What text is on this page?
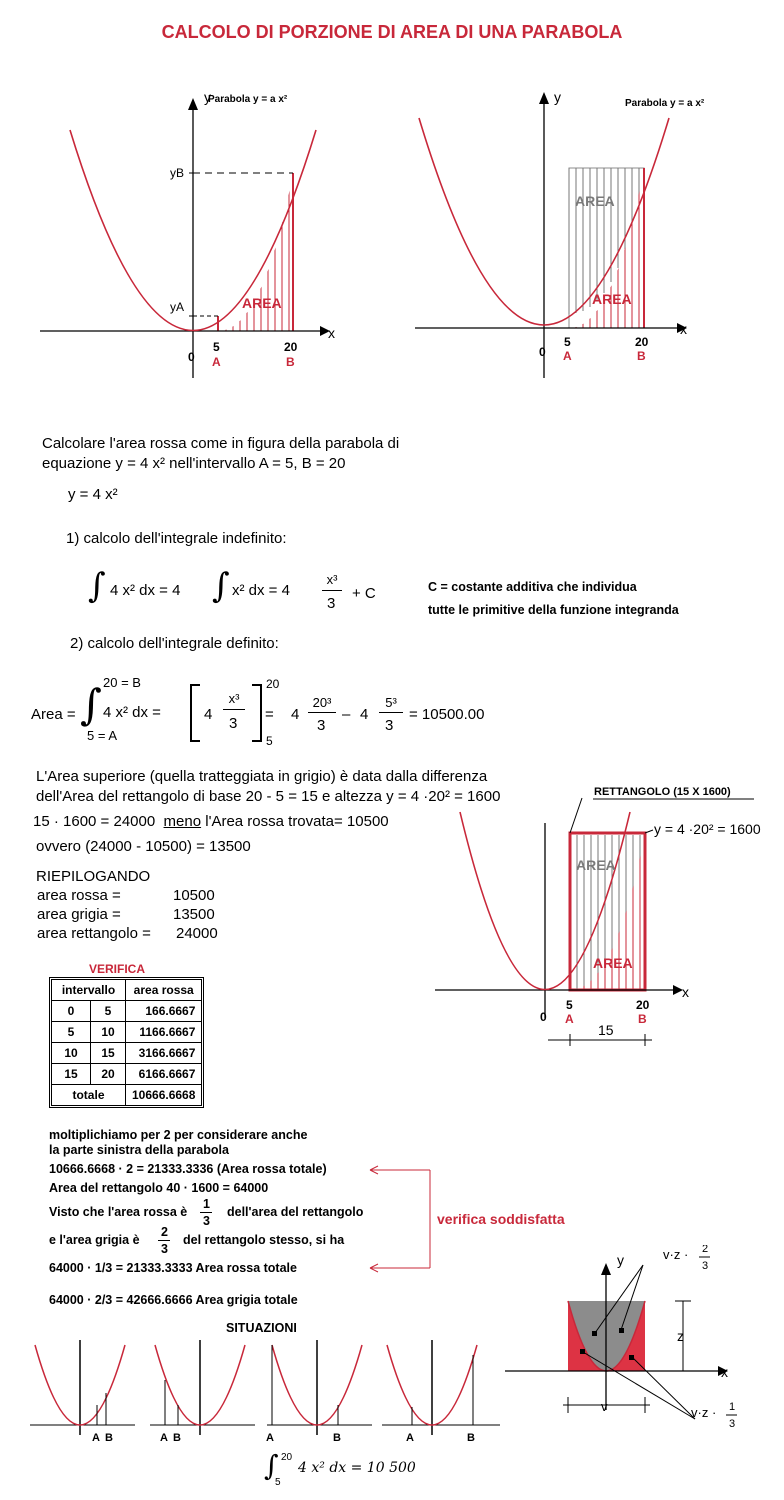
CALCOLO DI PORZIONE DI AREA DI UNA PARABOLA
Parabola y = a x²
y
x
yB
yA
0
5	20
A	B
AREA
Parabola y = a x²
y
x
0
5	20
A	B
AREA
AREA
Calcolare l'area rossa come in figura della parabola di
equazione y = 4 x² nell'intervallo A = 5, B = 20
y = 4 x²
1) calcolo dell'integrale indefinito:
∫ 4 x² dx = 4 ∫ x² dx = 4
x³
3
+ C	C = costante additiva che individua
tutte le primitive della funzione integranda
2) calcolo dell'integrale definito:
20 = B
Area = ∫ 4 x² dx =
5 = A
4
x³
3
20
5
= 4
20³
3
– 4
5³
3
= 10500.00
L'Area superiore (quella tratteggiata in grigio) è data dalla differenza
dell'Area del rettangolo di base 20 - 5 = 15 e altezza y = 4 ·20² = 1600
15 · 1600 = 24000 meno l'Area rossa trovata= 10500
ovvero (24000 - 10500) = 13500
RIEPILOGANDO
area rossa =	10500
area grigia =	13500
area rettangolo = 24000
RETTANGOLO (15 X 1600)
y = 4 ·20² = 1600
AREA
AREA
x
0
5	20
A	B
15
VERIFICA
intervallo		area rossa
0	5	166.6667
5	10	1166.6667
10	15	3166.6667
15	20	6166.6667
totale		10666.6668
moltiplichiamo per 2 per considerare anche
la parte sinistra della parabola
10666.6668 · 2 = 21333.3336 (Area rossa totale)
Area del rettangolo 40 · 1600 = 64000
Visto che l'area rossa è
1
3
dell'area del rettangolo
e l'area grigia è
2
3
del rettangolo stesso, si ha
64000 · 1/3 = 21333.3333 Area rossa totale
64000 · 2/3 = 42666.6666 Area grigia totale
verifica soddisfatta
SITUAZIONI
A B	A B	A	B	A	B
∫ 20
5
4 x² dx = 10 500
y
x
v·z · 2
3
z
v	v·z · 1
3
